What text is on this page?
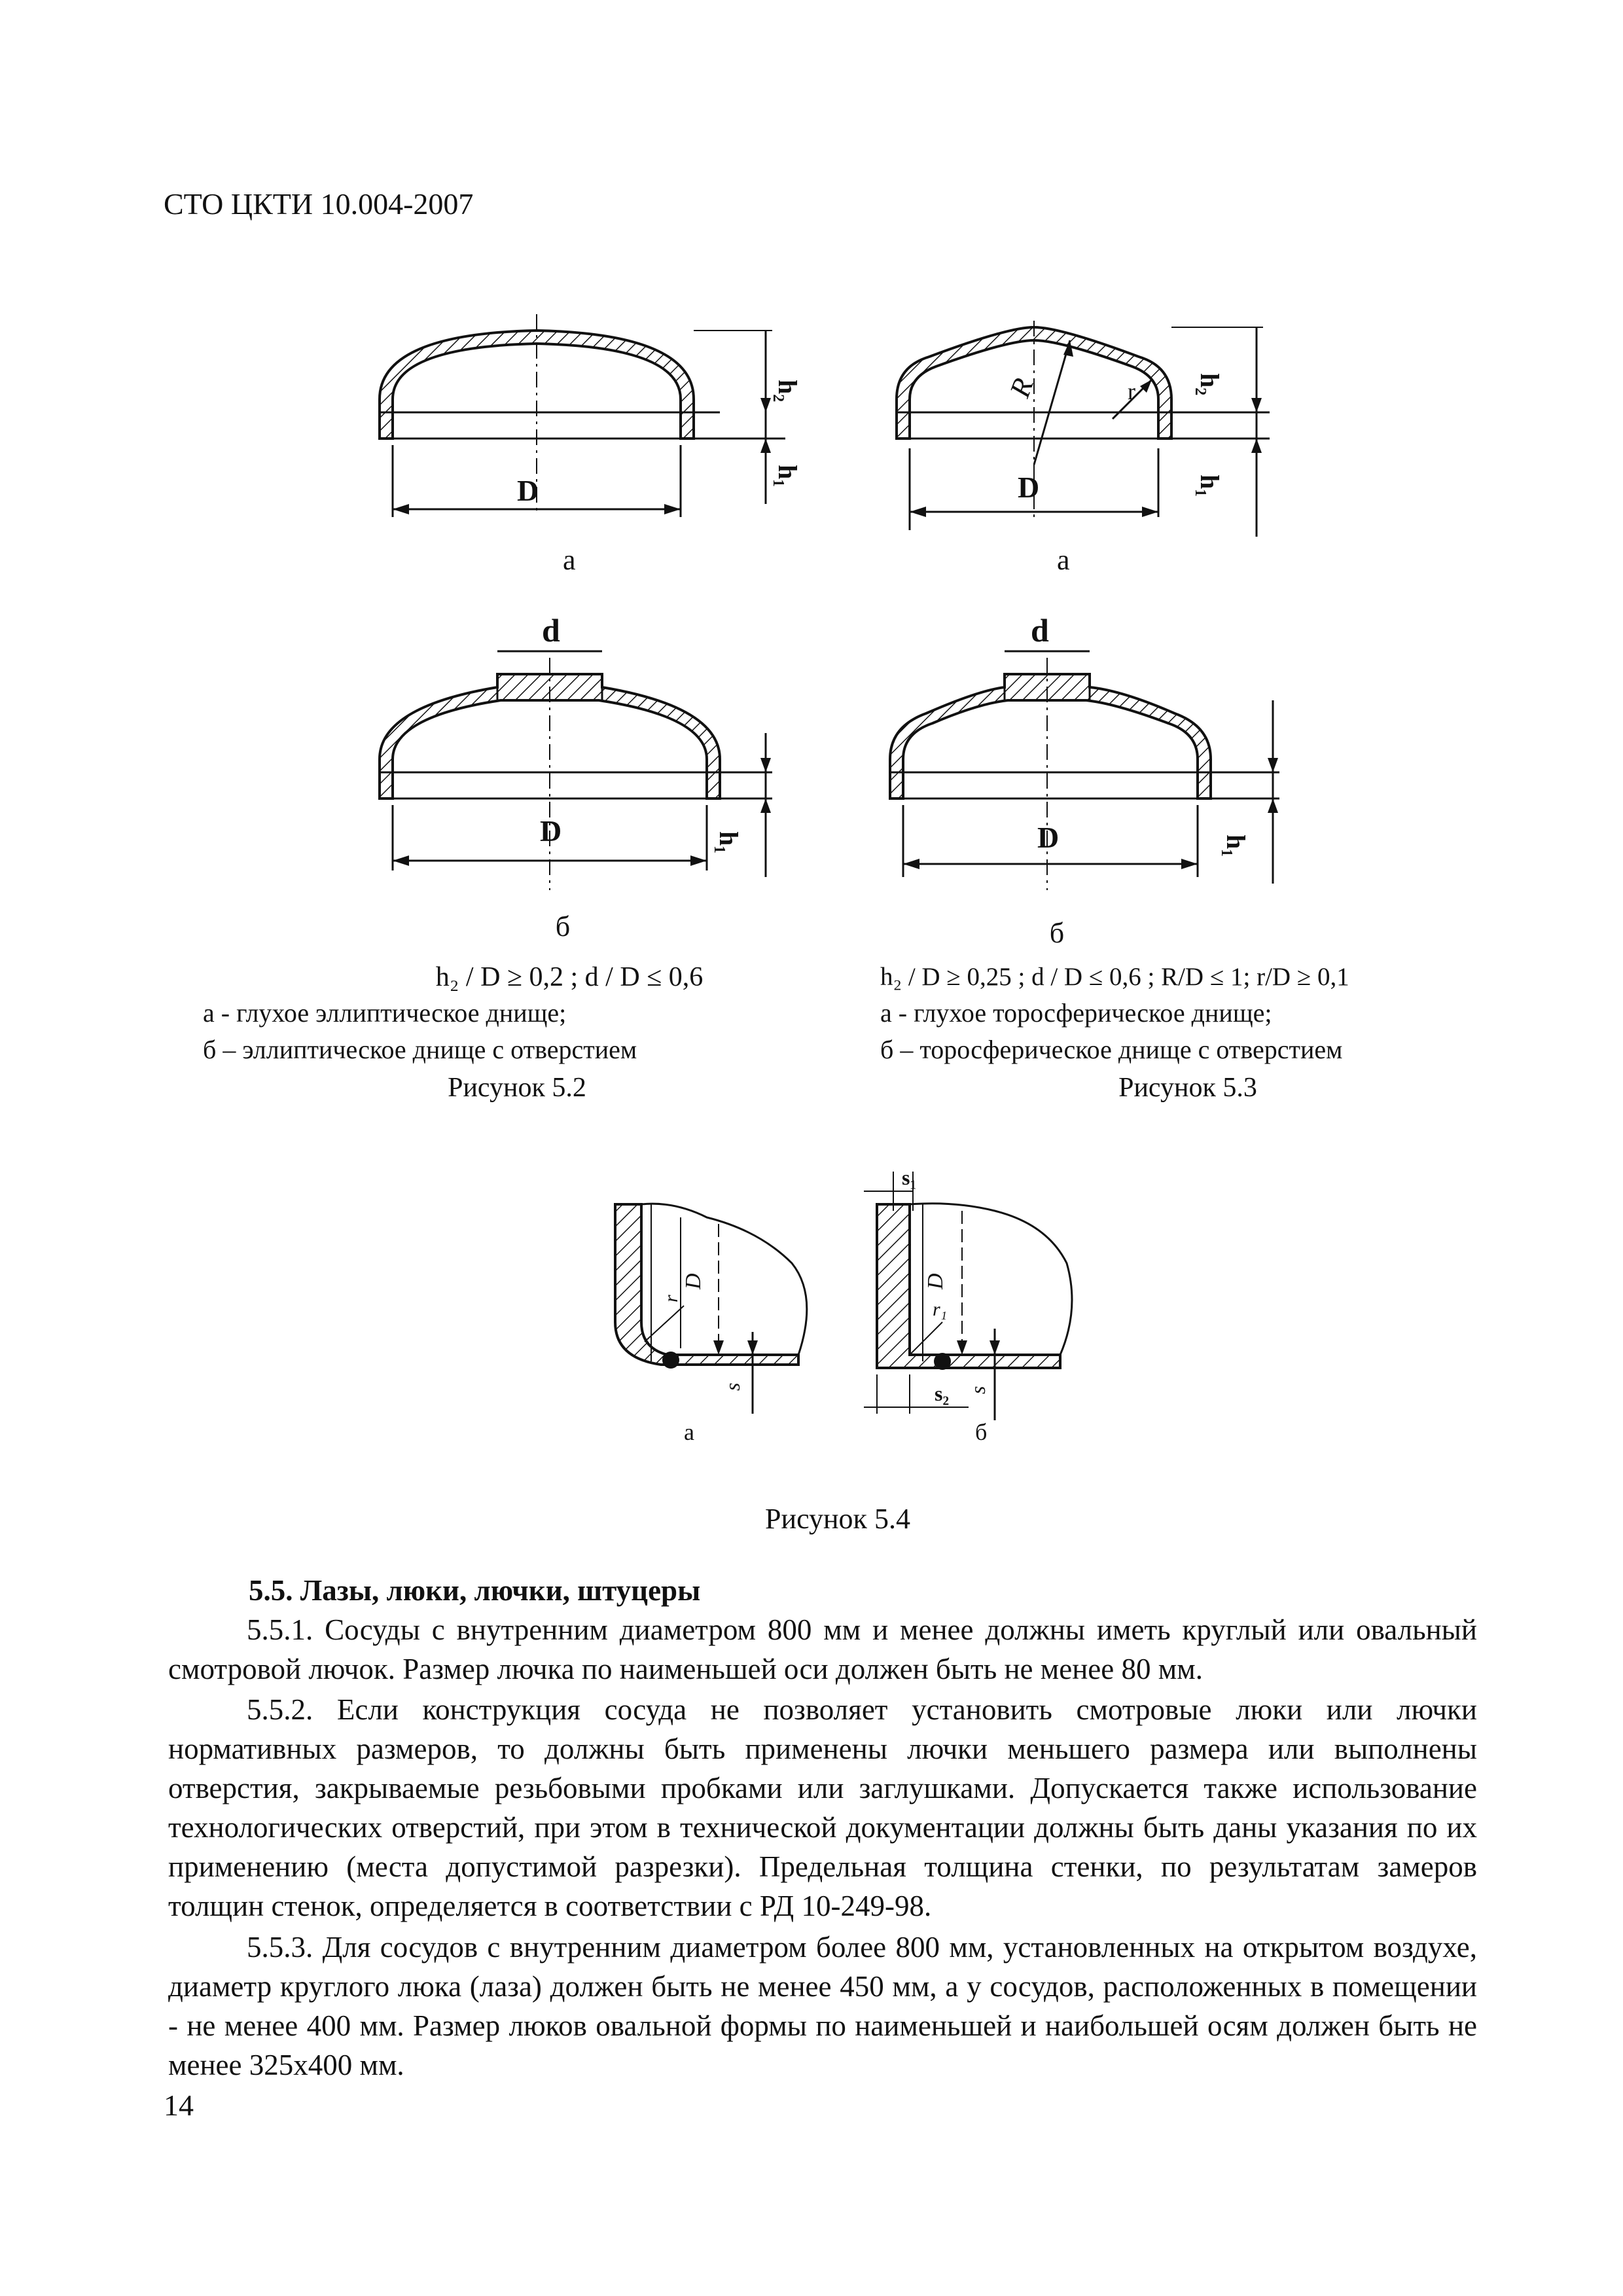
СТО ЦКТИ 10.004-2007
D
h₂
h₁
а
R	r
D
h₂
h₁
а
d
D	h₁
d
D	h₁
б	б
h₂ / D ≥ 0,2 ; d / D ≤ 0,6
а - глухое эллиптическое днище;
б – эллиптическое днище с отверстием
Рисунок 5.2
h₂ / D ≥ 0,25 ; d / D ≤ 0,6 ; R/D ≤ 1; r/D ≥ 0,1
а - глухое торосферическое днище;
б – торосферическое днище с отверстием
Рисунок 5.3
D
r
s
а
s₁
D
r₁
s₂ s
б
Рисунок 5.4
5.5. Лазы, люки, лючки, штуцеры
5.5.1. Сосуды с внутренним диаметром 800 мм и менее должны иметь круглый или овальный смотровой лючок. Размер лючка по наименьшей оси должен быть не менее 80 мм.
5.5.2. Если конструкция сосуда не позволяет установить смотровые люки или лючки нормативных размеров, то должны быть применены лючки меньшего размера или выполнены отверстия, закрываемые резьбовыми пробками или заглушками. Допускается также использование технологических отверстий, при этом в технической документации должны быть даны указания по их применению (места допустимой разрезки). Предельная толщина стенки, по результатам замеров толщин стенок, определяется в соответствии с РД 10-249-98.
5.5.3. Для сосудов с внутренним диаметром более 800 мм, установленных на открытом воздухе, диаметр круглого люка (лаза) должен быть не менее 450 мм, а у сосудов, расположенных в помещении - не менее 400 мм. Размер люков овальной формы по наименьшей и наибольшей осям должен быть не менее 325х400 мм.
14
